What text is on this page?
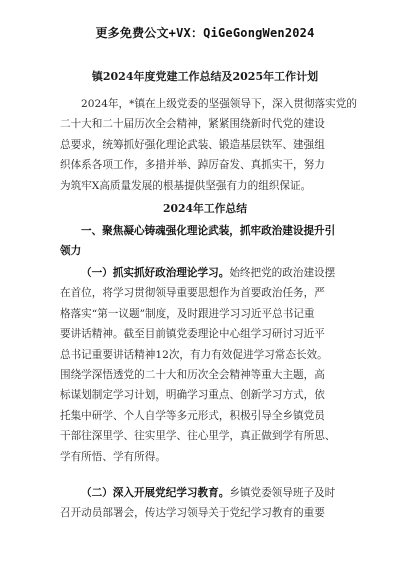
更多免费公文+VX：QiGeGongWen2024
镇2024年度党建工作总结及2025年工作计划
2024年，*镇在上级党委的坚强领导下，深入贯彻落实党的
二十大和二十届历次全会精神，紧紧围绕新时代党的建设
总要求，统筹抓好强化理论武装、锻造基层铁军、建强组
织体系各项工作，多措并举、踔厉奋发、真抓实干，努力
为筑牢X高质量发展的根基提供坚强有力的组织保证。
2024年工作总结
一、聚焦凝心铸魂强化理论武装，抓牢政治建设提升引
领力
（一）抓实抓好政治理论学习。始终把党的政治建设摆
在首位，将学习贯彻领导重要思想作为首要政治任务，严
格落实“第一议题”制度，及时跟进学习习近平总书记重
要讲话精神。截至目前镇党委理论中心组学习研讨习近平
总书记重要讲话精神12次，有力有效促进学习常态长效。
围绕学深悟透党的二十大和历次全会精神等重大主题，高
标谋划制定学习计划，明确学习重点、创新学习方式，依
托集中研学、个人自学等多元形式，积极引导全乡镇党员
干部往深里学、往实里学、往心里学，真正做到学有所思、
学有所悟、学有所得。
（二）深入开展党纪学习教育。乡镇党委领导班子及时
召开动员部署会，传达学习领导关于党纪学习教育的重要
